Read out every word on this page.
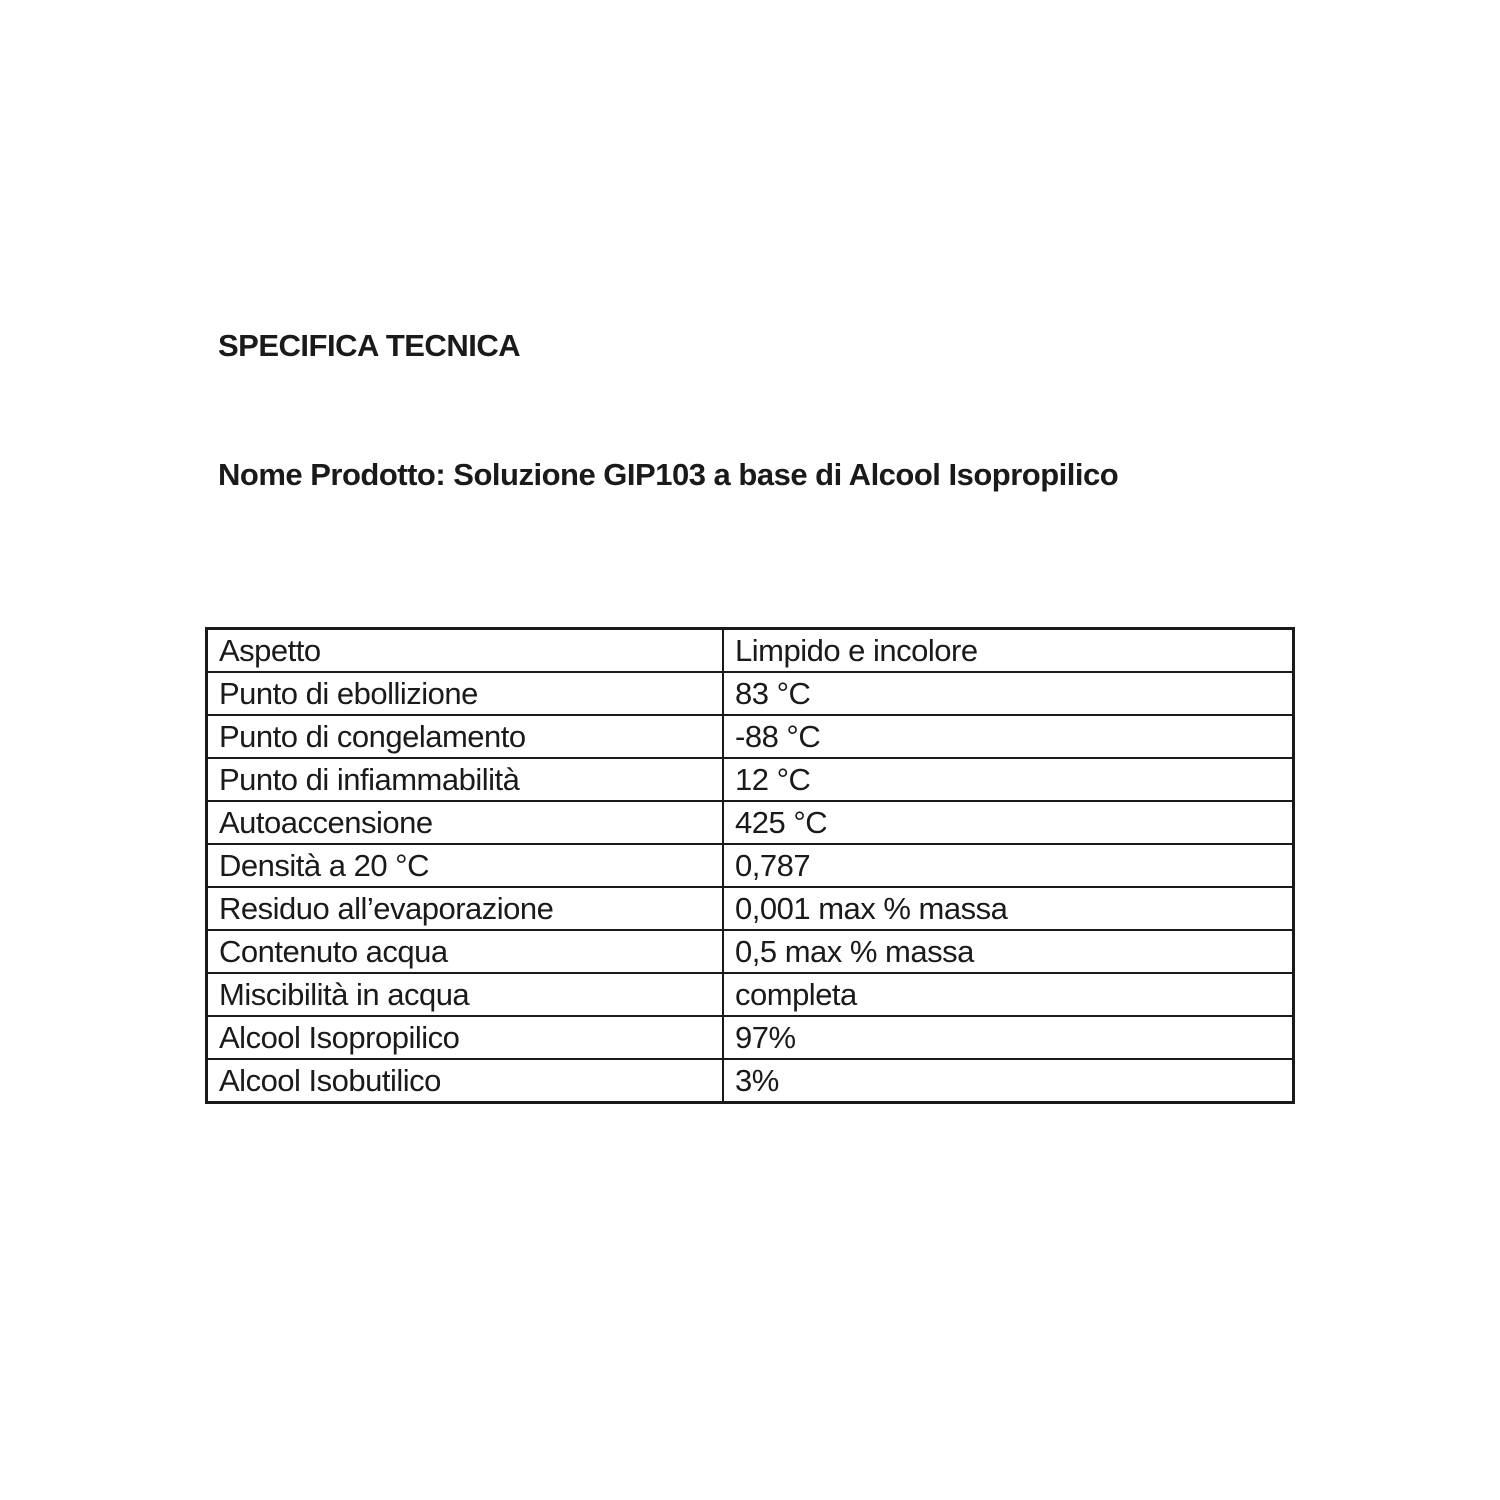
SPECIFICA TECNICA
Nome Prodotto: Soluzione GIP103 a base di Alcool Isopropilico
Aspetto	Limpido e incolore
Punto di ebollizione	83 °C
Punto di congelamento	-88 °C
Punto di infiammabilità	12 °C
Autoaccensione	425 °C
Densità a 20 °C	0,787
Residuo all’evaporazione	0,001 max % massa
Contenuto acqua	0,5 max % massa
Miscibilità in acqua	completa
Alcool Isopropilico	97%
Alcool Isobutilico	3%
